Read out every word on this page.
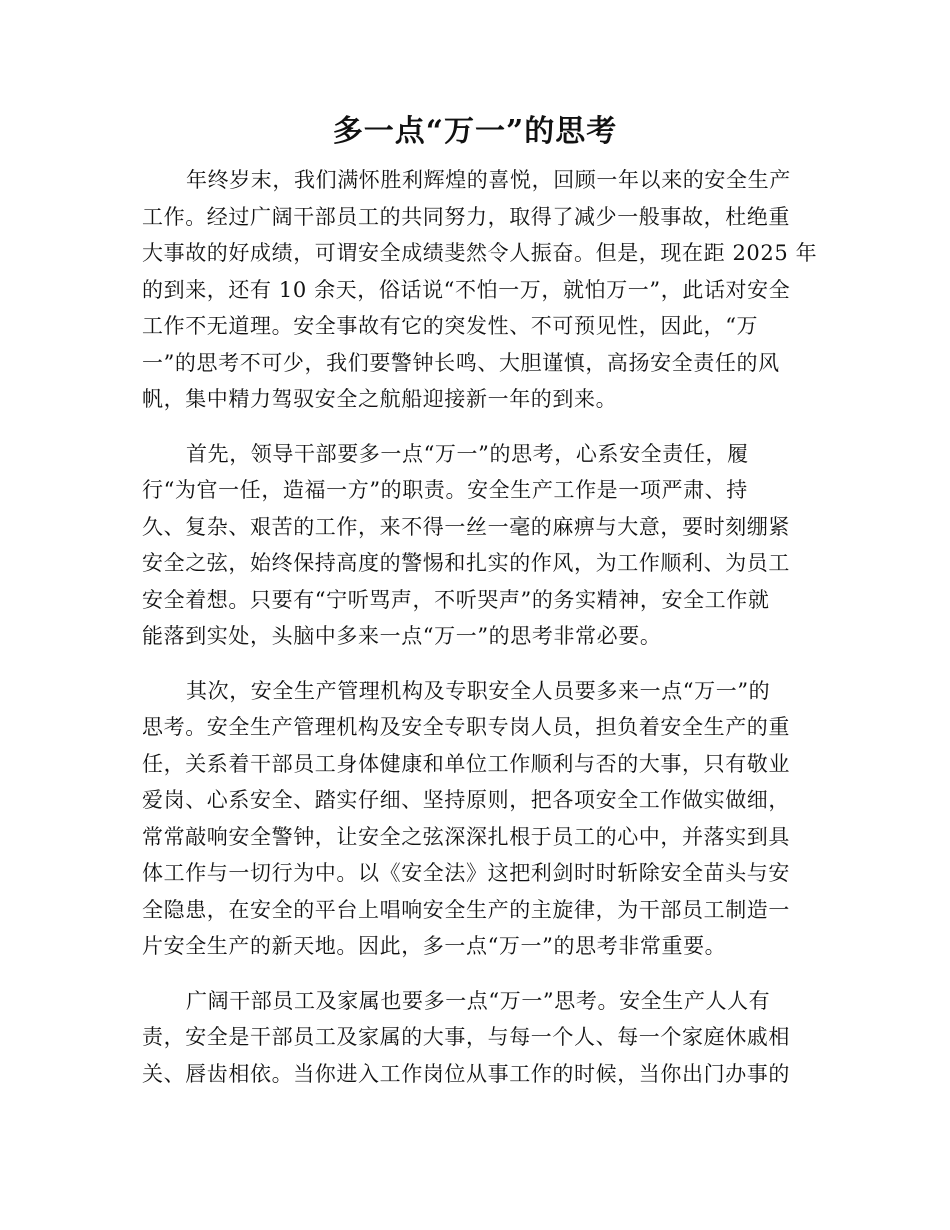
多一点“万一”的思考
年终岁末，我们满怀胜利辉煌的喜悦，回顾一年以来的安全生产
工作。经过广阔干部员工的共同努力，取得了减少一般事故，杜绝重
大事故的好成绩，可谓安全成绩斐然令人振奋。但是，现在距 2025 年
的到来，还有 10 余天，俗话说“不怕一万，就怕万一”，此话对安全
工作不无道理。安全事故有它的突发性、不可预见性，因此，“万
一”的思考不可少，我们要警钟长鸣、大胆谨慎，高扬安全责任的风
帆，集中精力驾驭安全之航船迎接新一年的到来。
首先，领导干部要多一点“万一”的思考，心系安全责任，履
行“为官一任，造福一方”的职责。安全生产工作是一项严肃、持
久、复杂、艰苦的工作，来不得一丝一毫的麻痹与大意，要时刻绷紧
安全之弦，始终保持高度的警惕和扎实的作风，为工作顺利、为员工
安全着想。只要有“宁听骂声，不听哭声”的务实精神，安全工作就
能落到实处，头脑中多来一点“万一”的思考非常必要。
其次，安全生产管理机构及专职安全人员要多来一点“万一”的
思考。安全生产管理机构及安全专职专岗人员，担负着安全生产的重
任，关系着干部员工身体健康和单位工作顺利与否的大事，只有敬业
爱岗、心系安全、踏实仔细、坚持原则，把各项安全工作做实做细，
常常敲响安全警钟，让安全之弦深深扎根于员工的心中，并落实到具
体工作与一切行为中。以《安全法》这把利剑时时斩除安全苗头与安
全隐患，在安全的平台上唱响安全生产的主旋律，为干部员工制造一
片安全生产的新天地。因此，多一点“万一”的思考非常重要。
广阔干部员工及家属也要多一点“万一”思考。安全生产人人有
责，安全是干部员工及家属的大事，与每一个人、每一个家庭休戚相
关、唇齿相依。当你进入工作岗位从事工作的时候，当你出门办事的
